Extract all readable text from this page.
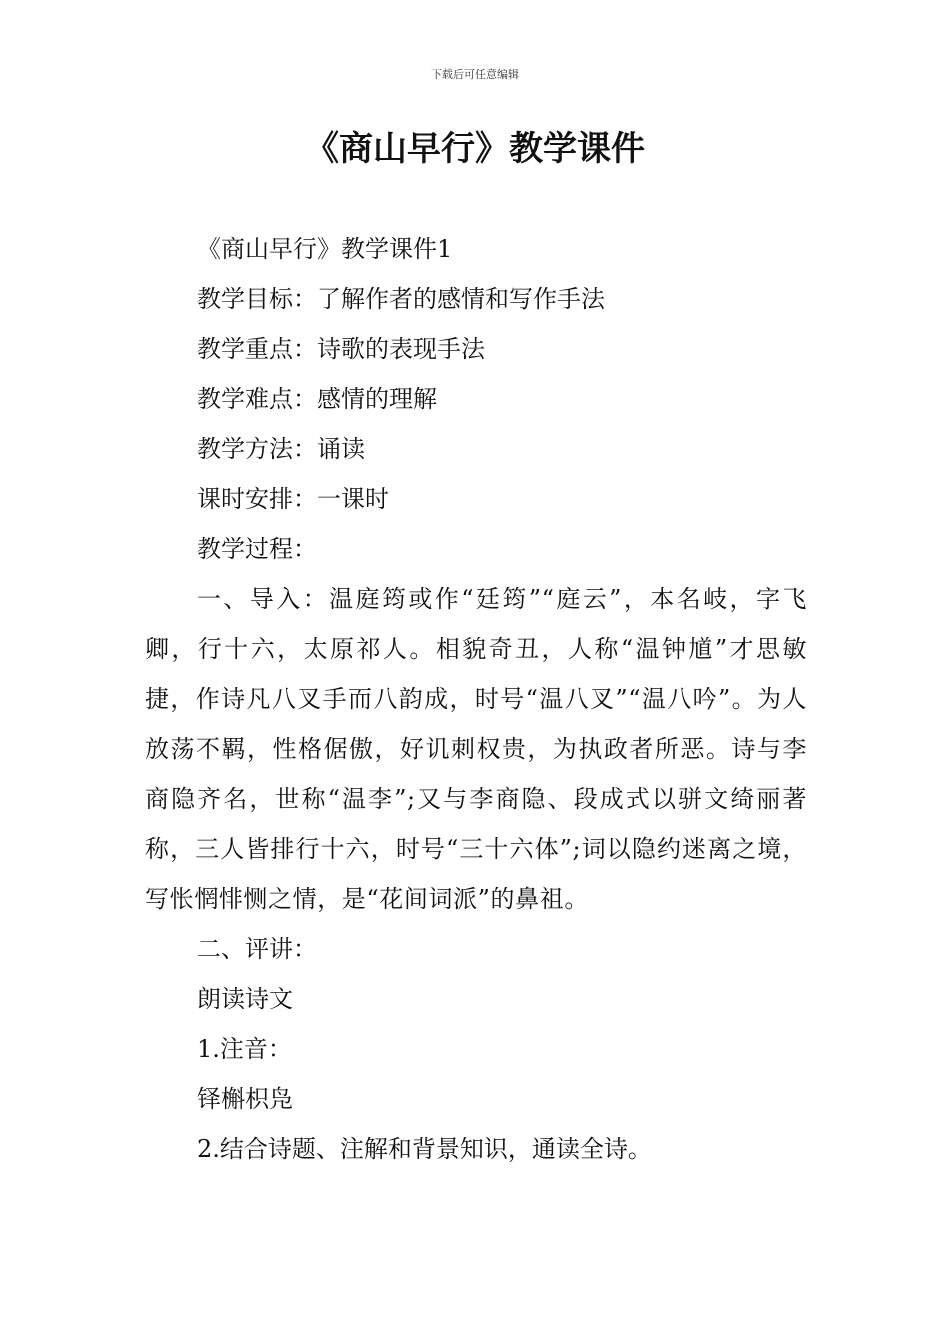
下载后可任意编辑
《商山早行》教学课件

《商山早行》教学课件1

教学目标：了解作者的感情和写作手法

教学重点：诗歌的表现手法

教学难点：感情的理解

教学方法：诵读

课时安排：一课时

教学过程：

一、导入：温庭筠或作“廷筠”“庭云”，本名岐，字飞卿，行十六，太原祁人。相貌奇丑，人称“温钟馗”才思敏捷，作诗凡八叉手而八韵成，时号“温八叉”“温八吟”。为人放荡不羁，性格倨傲，好讥刺权贵，为执政者所恶。诗与李商隐齐名，世称“温李”;又与李商隐、段成式以骈文绮丽著称，三人皆排行十六，时号“三十六体”;词以隐约迷离之境，写怅惘悱恻之情，是“花间词派”的鼻祖。

二、评讲：

朗读诗文

1.注音：

铎槲枳凫

2.结合诗题、注解和背景知识，通读全诗。
